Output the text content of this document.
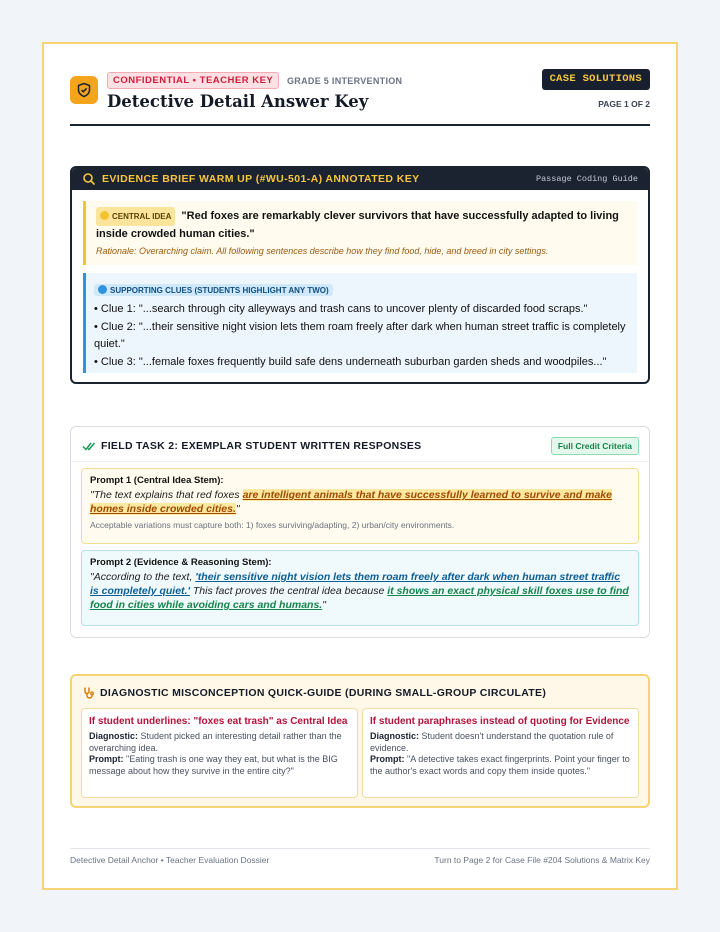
CONFIDENTIAL • TEACHER KEY	GRADE 5 INTERVENTION
Detective Detail Answer Key
CASE SOLUTIONS
PAGE 1 OF 2
EVIDENCE BRIEF WARM UP (#WU-501-A) ANNOTATED KEY	Passage Coding Guide
CENTRAL IDEA "Red foxes are remarkably clever survivors that have successfully adapted to living inside crowded human cities."
Rationale: Overarching claim. All following sentences describe how they find food, hide, and breed in city settings.
SUPPORTING CLUES (STUDENTS HIGHLIGHT ANY TWO)
• Clue 1: "...search through city alleyways and trash cans to uncover plenty of discarded food scraps."
• Clue 2: "...their sensitive night vision lets them roam freely after dark when human street traffic is completely quiet."
• Clue 3: "...female foxes frequently build safe dens underneath suburban garden sheds and woodpiles..."
FIELD TASK 2: EXEMPLAR STUDENT WRITTEN RESPONSES	Full Credit Criteria
Prompt 1 (Central Idea Stem):
"The text explains that red foxes are intelligent animals that have successfully learned to survive and make homes inside crowded cities."
Acceptable variations must capture both: 1) foxes surviving/adapting, 2) urban/city environments.
Prompt 2 (Evidence & Reasoning Stem):
"According to the text, 'their sensitive night vision lets them roam freely after dark when human street traffic is completely quiet.' This fact proves the central idea because it shows an exact physical skill foxes use to find food in cities while avoiding cars and humans."
DIAGNOSTIC MISCONCEPTION QUICK-GUIDE (DURING SMALL-GROUP CIRCULATE)
If student underlines: "foxes eat trash" as Central Idea
Diagnostic: Student picked an interesting detail rather than the overarching idea.
Prompt: "Eating trash is one way they eat, but what is the BIG message about how they survive in the entire city?"
If student paraphrases instead of quoting for Evidence
Diagnostic: Student doesn't understand the quotation rule of evidence.
Prompt: "A detective takes exact fingerprints. Point your finger to the author's exact words and copy them inside quotes."
Detective Detail Anchor • Teacher Evaluation Dossier	Turn to Page 2 for Case File #204 Solutions & Matrix Key
